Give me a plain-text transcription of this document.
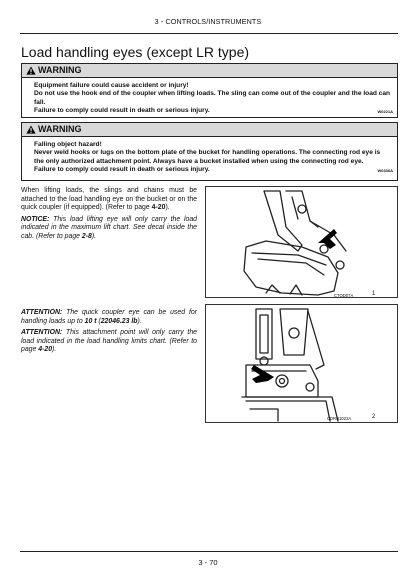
3 - CONTROLS/INSTRUMENTS
Load handling eyes (except LR type)
WARNING

Equipment failure could cause accident or injury!

Do not use the hook end of the coupler when lifting loads. The sling can come out of the coupler and the load can fall.

Failure to comply could result in death or serious injury.	W0221A
WARNING

Falling object hazard!

Never weld hooks or lugs on the bottom plate of the bucket for handling operations. The connecting rod eye is the only authorized attachment point. Always have a bucket installed when using the connecting rod eye.

Failure to comply could result in death or serious injury.	W0336A

When lifting loads, the slings and chains must be attached to the load handling eye on the bucket or on the quick coupler (if equipped). (Refer to page 4-20).

NOTICE: This load lifting eye will only carry the load indicated in the maximum lift chart. See decal inside the cab. (Refer to page 2-8).

ATTENTION: The quick coupler eye can be used for handling loads up to 10 t (22046.23 lb).

ATTENTION: This attachment point will only carry the load indicated in the load handling limits chart. (Refer to page 4-20).

CTOD07A	1
CDRD1022A	2
3 - 70
